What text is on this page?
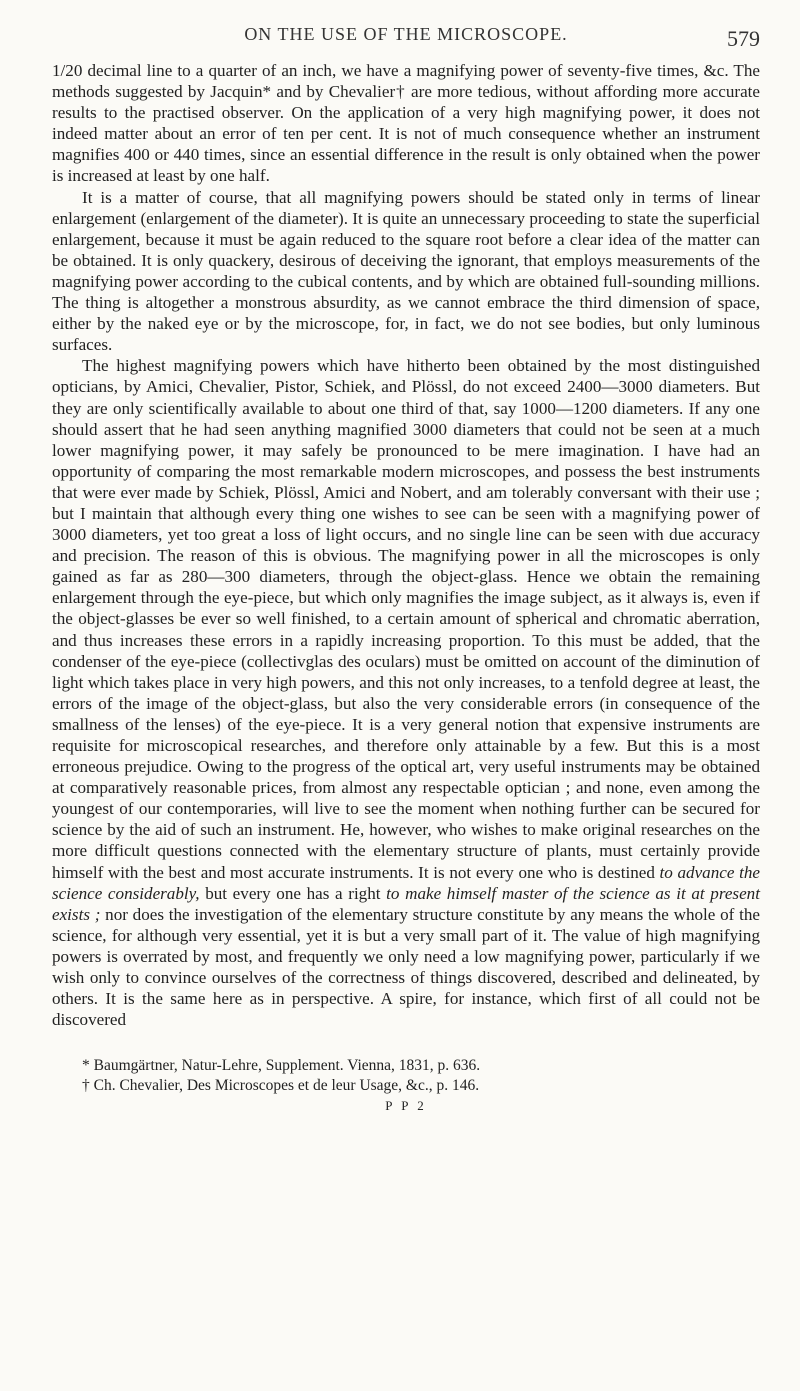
ON THE USE OF THE MICROSCOPE.	579

1/20 decimal line to a quarter of an inch, we have a magnifying power of seventy-five times, &c. The methods suggested by Jacquin* and by Chevalier† are more tedious, without affording more accurate results to the practised observer. On the application of a very high magnifying power, it does not indeed matter about an error of ten per cent. It is not of much consequence whether an instrument magnifies 400 or 440 times, since an essential difference in the result is only obtained when the power is increased at least by one half.

It is a matter of course, that all magnifying powers should be stated only in terms of linear enlargement (enlargement of the diameter). It is quite an unnecessary proceeding to state the superficial enlargement, because it must be again reduced to the square root before a clear idea of the matter can be obtained. It is only quackery, desirous of deceiving the ignorant, that employs measurements of the magnifying power according to the cubical contents, and by which are obtained full-sounding millions. The thing is altogether a monstrous absurdity, as we cannot embrace the third dimension of space, either by the naked eye or by the microscope, for, in fact, we do not see bodies, but only luminous surfaces.

The highest magnifying powers which have hitherto been obtained by the most distinguished opticians, by Amici, Chevalier, Pistor, Schiek, and Plössl, do not exceed 2400—3000 diameters. But they are only scientifically available to about one third of that, say 1000—1200 diameters. If any one should assert that he had seen anything magnified 3000 diameters that could not be seen at a much lower magnifying power, it may safely be pronounced to be mere imagination. I have had an opportunity of comparing the most remarkable modern microscopes, and possess the best instruments that were ever made by Schiek, Plössl, Amici and Nobert, and am tolerably conversant with their use ; but I maintain that although every thing one wishes to see can be seen with a magnifying power of 3000 diameters, yet too great a loss of light occurs, and no single line can be seen with due accuracy and precision. The reason of this is obvious. The magnifying power in all the microscopes is only gained as far as 280—300 diameters, through the object-glass. Hence we obtain the remaining enlargement through the eye-piece, but which only magnifies the image subject, as it always is, even if the object-glasses be ever so well finished, to a certain amount of spherical and chromatic aberration, and thus increases these errors in a rapidly increasing proportion. To this must be added, that the condenser of the eye-piece (collectivglas des oculars) must be omitted on account of the diminution of light which takes place in very high powers, and this not only increases, to a tenfold degree at least, the errors of the image of the object-glass, but also the very considerable errors (in consequence of the smallness of the lenses) of the eye-piece. It is a very general notion that expensive instruments are requisite for microscopical researches, and therefore only attainable by a few. But this is a most erroneous prejudice. Owing to the progress of the optical art, very useful instruments may be obtained at comparatively reasonable prices, from almost any respectable optician ; and none, even among the youngest of our contemporaries, will live to see the moment when nothing further can be secured for science by the aid of such an instrument. He, however, who wishes to make original researches on the more difficult questions connected with the elementary structure of plants, must certainly provide himself with the best and most accurate instruments. It is not every one who is destined to advance the science considerably, but every one has a right to make himself master of the science as it at present exists ; nor does the investigation of the elementary structure constitute by any means the whole of the science, for although very essential, yet it is but a very small part of it. The value of high magnifying powers is overrated by most, and frequently we only need a low magnifying power, particularly if we wish only to convince ourselves of the correctness of things discovered, described and delineated, by others. It is the same here as in perspective. A spire, for instance, which first of all could not be discovered

* Baumgärtner, Natur-Lehre, Supplement. Vienna, 1831, p. 636.
† Ch. Chevalier, Des Microscopes et de leur Usage, &c., p. 146.
P P 2
